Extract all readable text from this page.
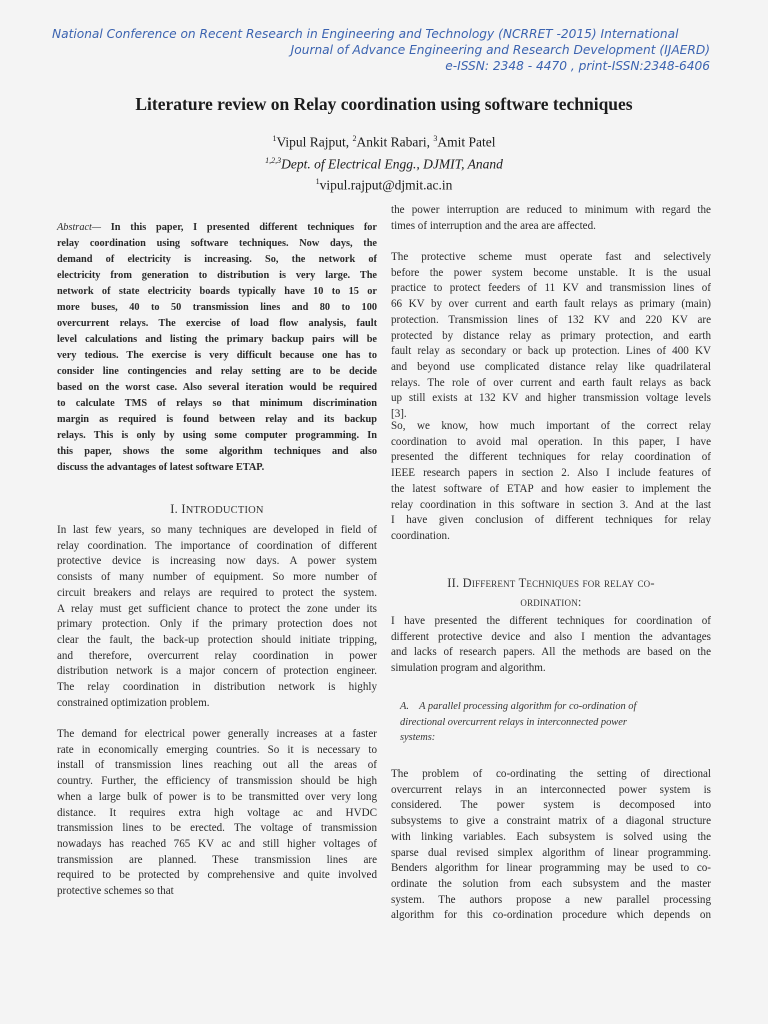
National Conference on Recent Research in Engineering and Technology (NCRRET -2015) International
Journal of Advance Engineering and Research Development (IJAERD)
e-ISSN: 2348 - 4470 , print-ISSN:2348-6406
Literature review on Relay coordination using software techniques
$^1$Vipul Rajput, $^2$Ankit Rabari, $^3$Amit Patel
$^{1,2,3}$Dept. of Electrical Engg., DJMIT, Anand
$^1$vipul.rajput@djmit.ac.in
Abstract— In this paper, I presented different techniques for
relay coordination using software techniques. Now days, the
demand of electricity is increasing. So, the network of
electricity from generation to distribution is very large. The
network of state electricity boards typically have 10 to 15 or
more buses, 40 to 50 transmission lines and 80 to 100
overcurrent relays. The exercise of load flow analysis, fault
level calculations and listing the primary backup pairs will be
very tedious. The exercise is very difficult because one has to
consider line contingencies and relay setting are to be decide
based on the worst case. Also several iteration would be required
to calculate TMS of relays so that minimum discrimination
margin as required is found between relay and its backup
relays. This is only by using some computer programming. In
this paper, shows the some algorithm techniques and also
discuss the advantages of latest software ETAP.
I. INTRODUCTION
In last few years, so many techniques are developed in field of
relay coordination. The importance of coordination of different
protective device is increasing now days. A power system
consists of many number of equipment. So more number of
circuit breakers and relays are required to protect the system.
A relay must get sufficient chance to protect the zone under its
primary protection. Only if the primary protection does not
clear the fault, the back-up protection should initiate tripping,
and therefore, overcurrent relay coordination in power
distribution network is a major concern of protection engineer.
The relay coordination in distribution network is highly
constrained optimization problem.
The demand for electrical power generally increases at a faster
rate in economically emerging countries. So it is necessary to
install of transmission lines reaching out all the areas of
country. Further, the efficiency of transmission should be high
when a large bulk of power is to be transmitted over very long
distance. It requires extra high voltage ac and HVDC
transmission lines to be erected. The voltage of transmission
nowadays has reached 765 KV ac and still higher voltages of
transmission are planned. These transmission lines are
required to be protected by comprehensive and quite involved
protective schemes so that
the power interruption are reduced to minimum with regard the
times of interruption and the area are affected.
The protective scheme must operate fast and selectively
before the power system become unstable. It is the usual
practice to protect feeders of 11 KV and transmission lines of
66 KV by over current and earth fault relays as primary (main)
protection. Transmission lines of 132 KV and 220 KV are
protected by distance relay as primary protection, and earth
fault relay as secondary or back up protection. Lines of 400 KV
and beyond use complicated distance relay like quadrilateral
relays. The role of over current and earth fault relays as back
up still exists at 132 KV and higher transmission voltage levels
[3].
So, we know, how much important of the correct relay
coordination to avoid mal operation. In this paper, I have
presented the different techniques for relay coordination of
IEEE research papers in section 2. Also I include features of
the latest software of ETAP and how easier to implement the
relay coordination in this software in section 3. And at the last
I have given conclusion of different techniques for relay
coordination.
II. Different Techniques for relay co-
ordination:
I have presented the different techniques for coordination of
different protective device and also I mention the advantages
and lacks of research papers. All the methods are based on the
simulation program and algorithm.
A.    A parallel processing algorithm for co-ordination of
directional overcurrent relays in interconnected power
systems:
The problem of co-ordinating the setting of directional
overcurrent relays in an interconnected power system is
considered. The power system is decomposed into
subsystems to give a constraint matrix of a diagonal structure
with linking variables. Each subsystem is solved using the
sparse dual revised simplex algorithm of linear programming.
Benders algorithm for linear programming may be used to co-
ordinate the solution from each subsystem and the master
system. The authors propose a new parallel processing
algorithm for this co-ordination procedure which depends on
